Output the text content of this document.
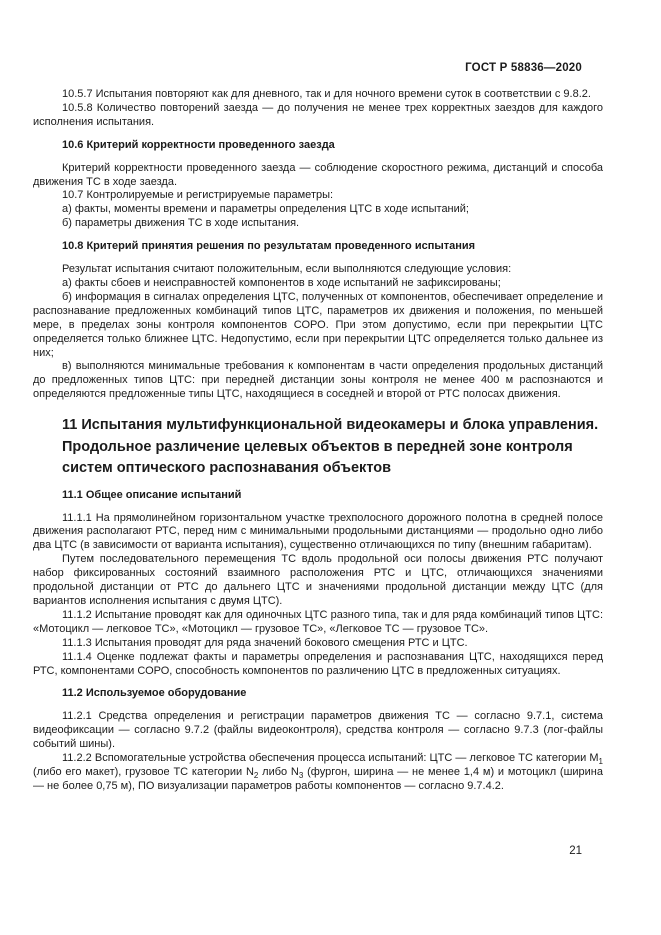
ГОСТ Р 58836—2020

10.5.7 Испытания повторяют как для дневного, так и для ночного времени суток в соответствии с 9.8.2.

10.5.8 Количество повторений заезда — до получения не менее трех корректных заездов для каждого исполнения испытания.

10.6 Критерий корректности проведенного заезда

Критерий корректности проведенного заезда — соблюдение скоростного режима, дистанций и способа движения ТС в ходе заезда.

10.7 Контролируемые и регистрируемые параметры:

а) факты, моменты времени и параметры определения ЦТС в ходе испытаний;

б) параметры движения ТС в ходе испытания.

10.8 Критерий принятия решения по результатам проведенного испытания

Результат испытания считают положительным, если выполняются следующие условия:

а) факты сбоев и неисправностей компонентов в ходе испытаний не зафиксированы;

б) информация в сигналах определения ЦТС, полученных от компонентов, обеспечивает определение и распознавание предложенных комбинаций типов ЦТС, параметров их движения и положения, по меньшей мере, в пределах зоны контроля компонентов СОРО. При этом допустимо, если при перекрытии ЦТС определяется только ближнее ЦТС. Недопустимо, если при перекрытии ЦТС определяется только дальнее из них;

в) выполняются минимальные требования к компонентам в части определения продольных дистанций до предложенных типов ЦТС: при передней дистанции зоны контроля не менее 400 м распознаются и определяются предложенные типы ЦТС, находящиеся в соседней и второй от РТС полосах движения.

11 Испытания мультифункциональной видеокамеры и блока управления.
Продольное различение целевых объектов в передней зоне контроля
систем оптического распознавания объектов
11.1 Общее описание испытаний

11.1.1 На прямолинейном горизонтальном участке трехполосного дорожного полотна в средней полосе движения располагают РТС, перед ним с минимальными продольными дистанциями — продольно одно либо два ЦТС (в зависимости от варианта испытания), существенно отличающихся по типу (внешним габаритам).

Путем последовательного перемещения ТС вдоль продольной оси полосы движения РТС получают набор фиксированных состояний взаимного расположения РТС и ЦТС, отличающихся значениями продольной дистанции от РТС до дальнего ЦТС и значениями продольной дистанции между ЦТС (для вариантов исполнения испытания с двумя ЦТС).

11.1.2 Испытание проводят как для одиночных ЦТС разного типа, так и для ряда комбинаций типов ЦТС: «Мотоцикл — легковое ТС», «Мотоцикл — грузовое ТС», «Легковое ТС — грузовое ТС».

11.1.3 Испытания проводят для ряда значений бокового смещения РТС и ЦТС.

11.1.4 Оценке подлежат факты и параметры определения и распознавания ЦТС, находящихся перед РТС, компонентами СОРО, способность компонентов по различению ЦТС в предложенных ситуациях.

11.2 Используемое оборудование

11.2.1 Средства определения и регистрации параметров движения ТС — согласно 9.7.1, система видеофиксации — согласно 9.7.2 (файлы видеоконтроля), средства контроля — согласно 9.7.3 (лог-файлы событий шины).

11.2.2 Вспомогательные устройства обеспечения процесса испытаний: ЦТС — легковое ТС категории $M_1$ (либо его макет), грузовое ТС категории $N_2$ либо $N_3$ (фургон, ширина — не менее 1,4 м) и мотоцикл (ширина — не более 0,75 м), ПО визуализации параметров работы компонентов — согласно 9.7.4.2.

21
